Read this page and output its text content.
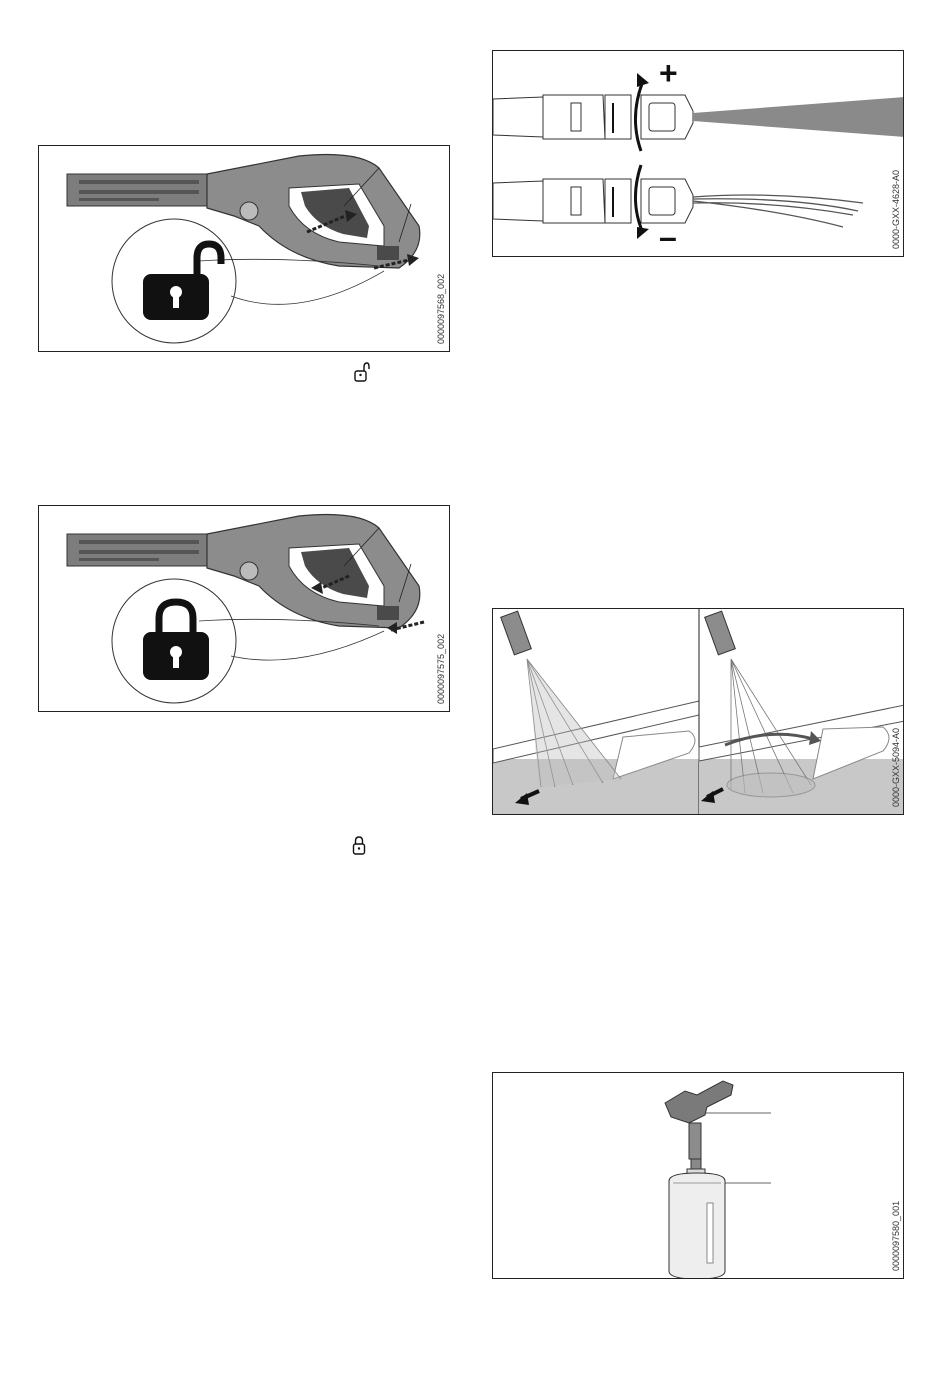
0000097568_002
0000097575_002
+
–	0000-GXX-4628-A0
0000-GXX-5094-A0
0000097580_001
